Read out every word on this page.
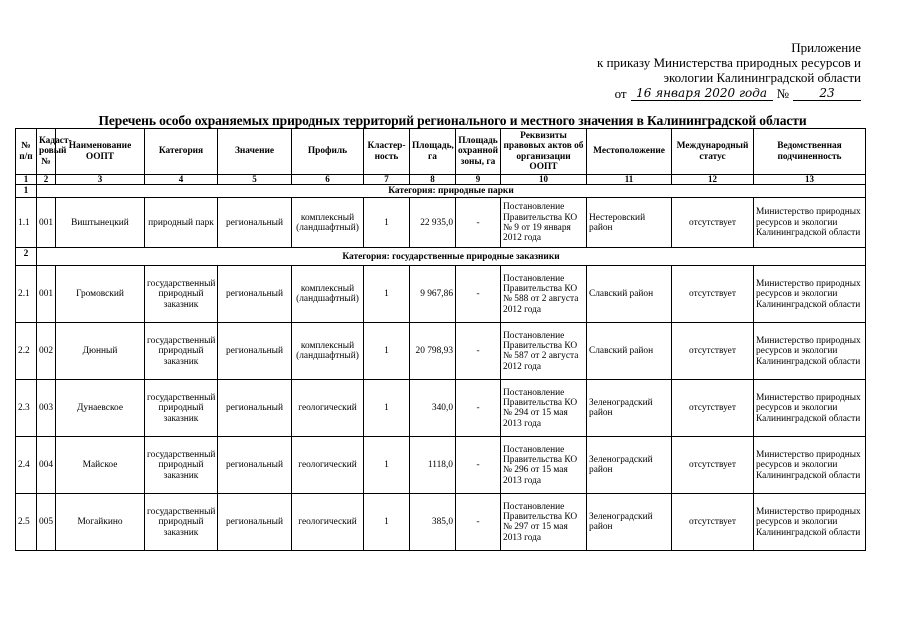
Приложение
к приказу Министерства природных ресурсов и
экологии Калининградской области
от 16 января 2020 года №	23
Перечень особо охраняемых природных территорий регионального и местного значения в Калининградской области
№ п/п	Кадаст-ровый №	Наименование ООПТ	Категория	Значение	Профиль	Кластер-ность	Площадь, га	Площадь охранной зоны, га	Реквизиты правовых актов об организации ООПТ	Местоположение	Международный статус	Ведомственная подчиненность
1	2	3	4	5	6	7	8	9	10	11	12	13
1	Категория: природные парки											
1.1	001	Виштынецкий	природный парк	региональный	комплексный (ландшафтный)	1	22 935,0	-	Постановление Правительства КО № 9 от 19 января 2012 года	Нестеровский район	отсутствует	Министерство природных ресурсов и экологии Калининградской области
2	Категория: государственные природные заказники											
2.1	001	Громовский	государственный природный заказник	региональный	комплексный (ландшафтный)	1	9 967,86	-	Постановление Правительства КО № 588 от 2 августа 2012 года	Славский район	отсутствует	Министерство природных ресурсов и экологии Калининградской области
2.2	002	Дюнный	государственный природный заказник	региональный	комплексный (ландшафтный)	1	20 798,93	-	Постановление Правительства КО № 587 от 2 августа 2012 года	Славский район	отсутствует	Министерство природных ресурсов и экологии Калининградской области
2.3	003	Дунаевское	государственный природный заказник	региональный	геологический	1	340,0	-	Постановление Правительства КО № 294 от 15 мая 2013 года	Зеленоградский район	отсутствует	Министерство природных ресурсов и экологии Калининградской области
2.4	004	Майское	государственный природный заказник	региональный	геологический	1	1118,0	-	Постановление Правительства КО № 296 от 15 мая 2013 года	Зеленоградский район	отсутствует	Министерство природных ресурсов и экологии Калининградской области
2.5	005	Могайкино	государственный природный заказник	региональный	геологический	1	385,0	-	Постановление Правительства КО № 297 от 15 мая 2013 года	Зеленоградский район	отсутствует	Министерство природных ресурсов и экологии Калининградской области
